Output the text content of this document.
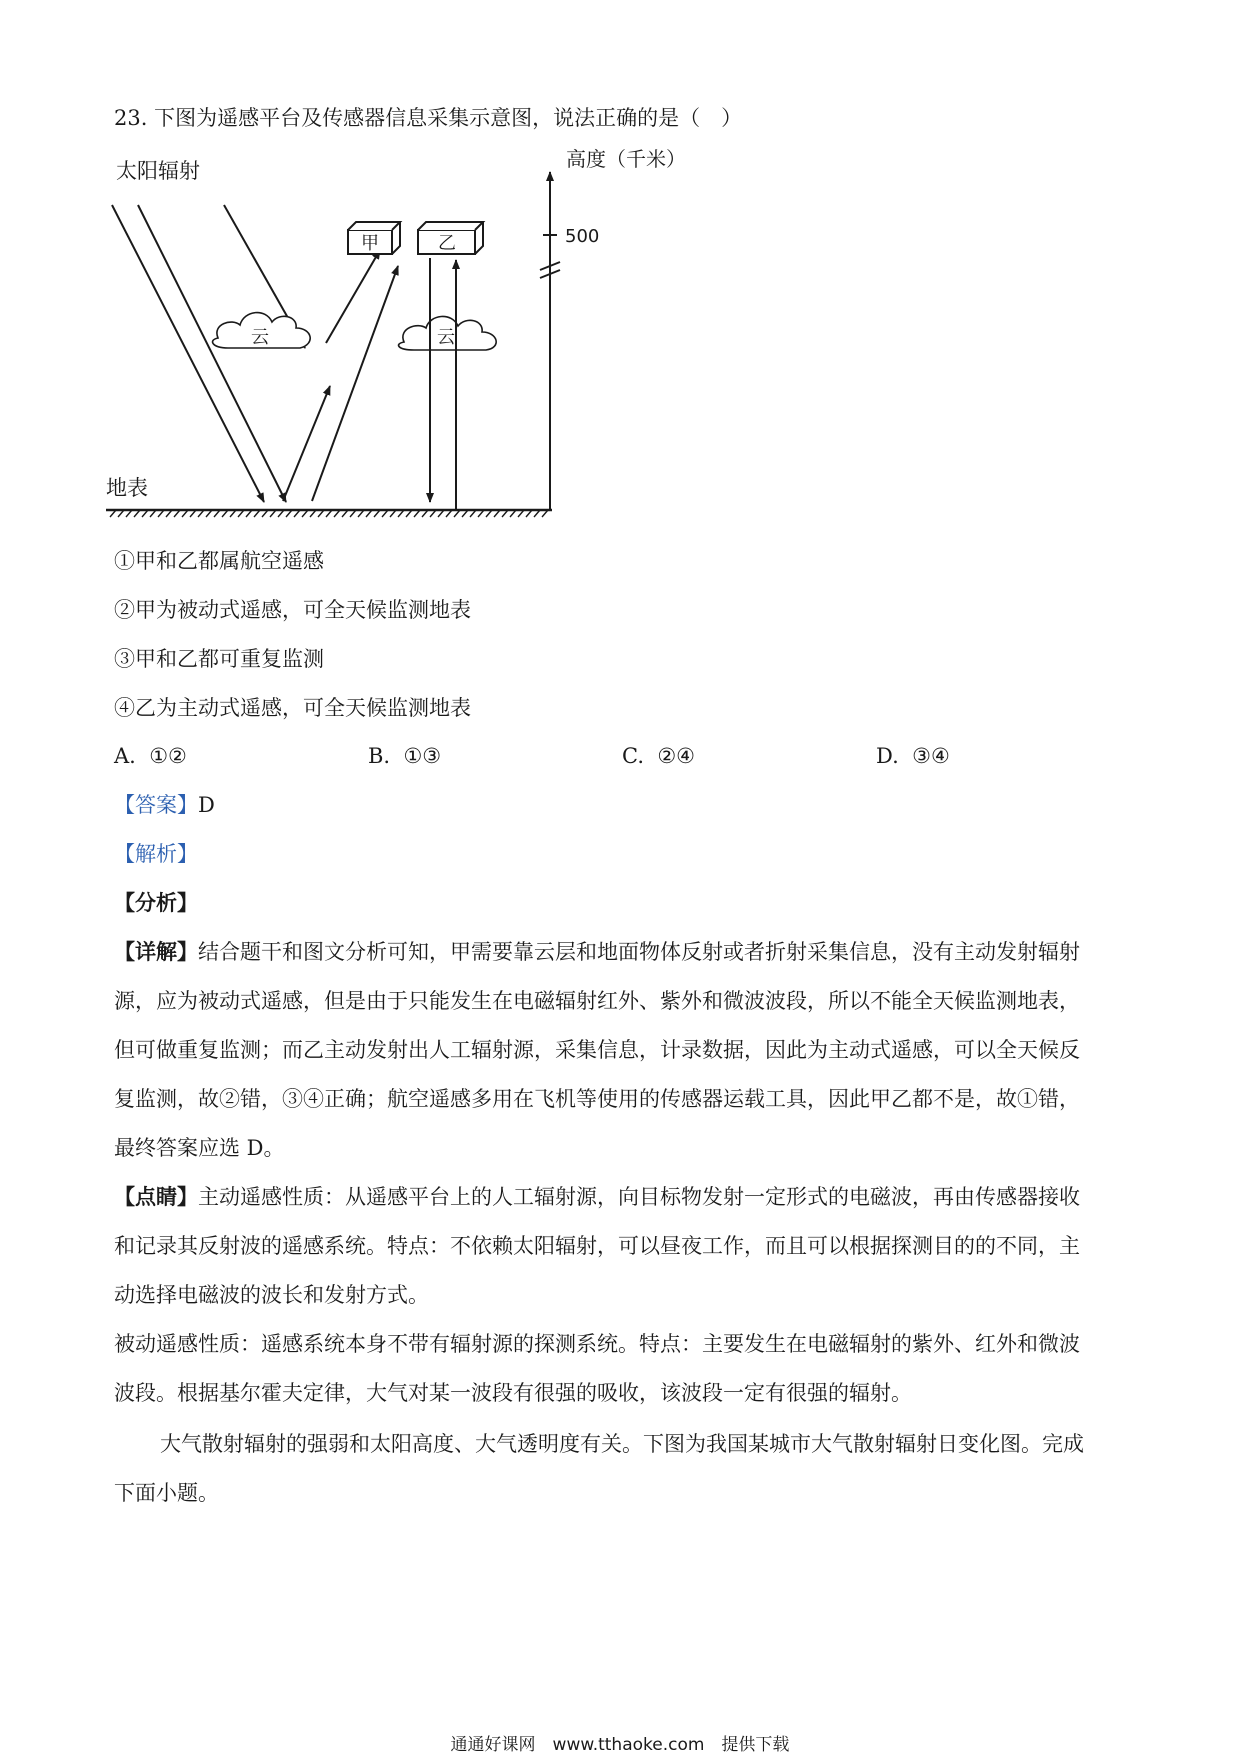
23. 下图为遥感平台及传感器信息采集示意图，说法正确的是（　）
太阳辐射	高度（千米）
甲	乙
云	云
500
地表
①甲和乙都属航空遥感
②甲为被动式遥感，可全天候监测地表
③甲和乙都可重复监测
④乙为主动式遥感，可全天候监测地表
A. ①②	B. ①③	C. ②④	D. ③④
【答案】D
【解析】
【分析】
【详解】结合题干和图文分析可知，甲需要靠云层和地面物体反射或者折射采集信息，没有主动发射辐射
源，应为被动式遥感，但是由于只能发生在电磁辐射红外、紫外和微波波段，所以不能全天候监测地表，
但可做重复监测；而乙主动发射出人工辐射源，采集信息，计录数据，因此为主动式遥感，可以全天候反
复监测，故②错，③④正确；航空遥感多用在飞机等使用的传感器运载工具，因此甲乙都不是，故①错，
最终答案应选 D。
【点睛】主动遥感性质：从遥感平台上的人工辐射源，向目标物发射一定形式的电磁波，再由传感器接收
和记录其反射波的遥感系统。特点：不依赖太阳辐射，可以昼夜工作，而且可以根据探测目的的不同，主
动选择电磁波的波长和发射方式。
被动遥感性质：遥感系统本身不带有辐射源的探测系统。特点：主要发生在电磁辐射的紫外、红外和微波
波段。根据基尔霍夫定律，大气对某一波段有很强的吸收，该波段一定有很强的辐射。
大气散射辐射的强弱和太阳高度、大气透明度有关。下图为我国某城市大气散射辐射日变化图。完成
下面小题。
通通好课网　www.tthaoke.com　提供下载
